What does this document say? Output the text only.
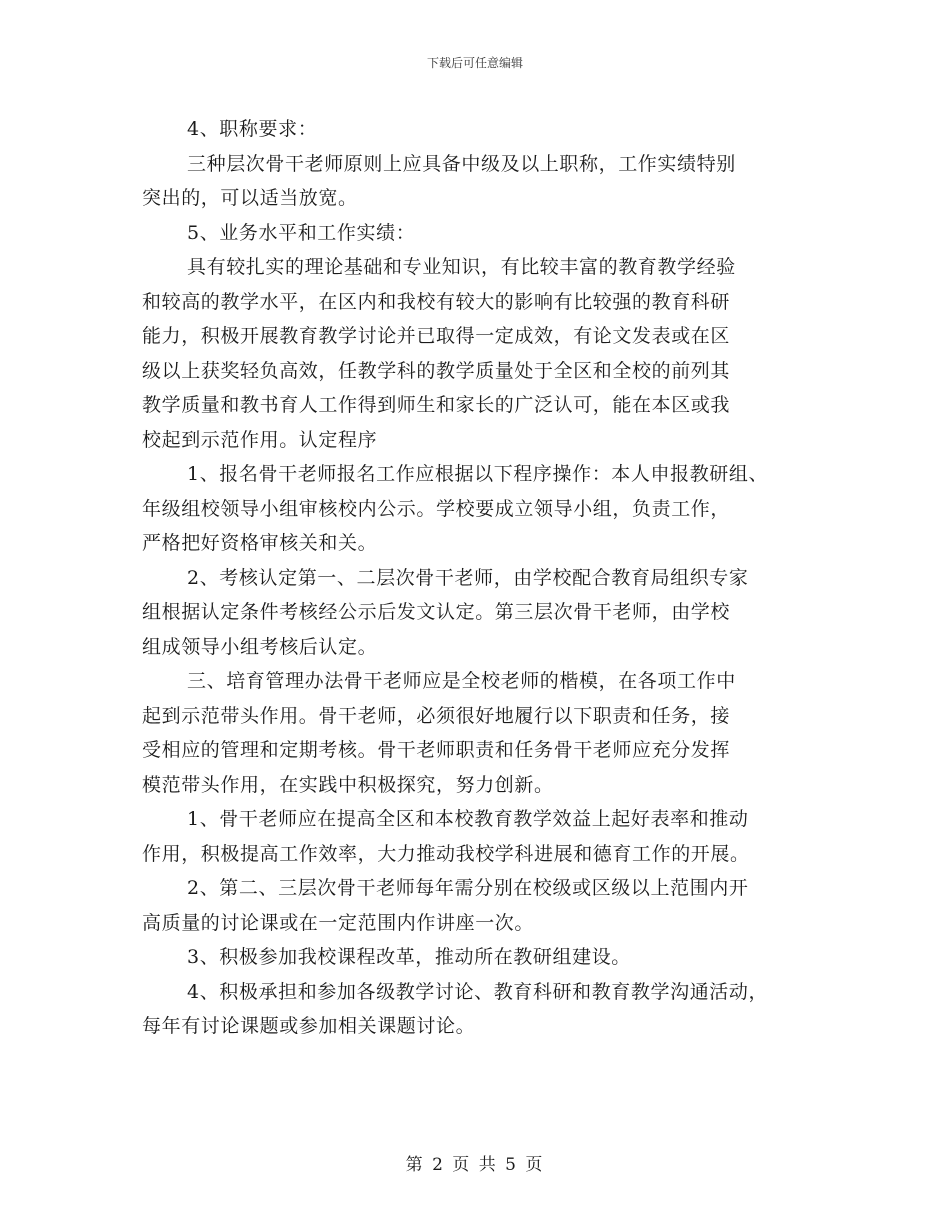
下载后可任意编辑
4、职称要求：
三种层次骨干老师原则上应具备中级及以上职称，工作实绩特别
突出的，可以适当放宽。
5、业务水平和工作实绩：
具有较扎实的理论基础和专业知识，有比较丰富的教育教学经验
和较高的教学水平，在区内和我校有较大的影响有比较强的教育科研
能力，积极开展教育教学讨论并已取得一定成效，有论文发表或在区
级以上获奖轻负高效，任教学科的教学质量处于全区和全校的前列其
教学质量和教书育人工作得到师生和家长的广泛认可，能在本区或我
校起到示范作用。认定程序
1、报名骨干老师报名工作应根据以下程序操作：本人申报教研组、
年级组校领导小组审核校内公示。学校要成立领导小组，负责工作，
严格把好资格审核关和关。
2、考核认定第一、二层次骨干老师，由学校配合教育局组织专家
组根据认定条件考核经公示后发文认定。第三层次骨干老师，由学校
组成领导小组考核后认定。
三、培育管理办法骨干老师应是全校老师的楷模，在各项工作中
起到示范带头作用。骨干老师，必须很好地履行以下职责和任务，接
受相应的管理和定期考核。骨干老师职责和任务骨干老师应充分发挥
模范带头作用，在实践中积极探究，努力创新。
1、骨干老师应在提高全区和本校教育教学效益上起好表率和推动
作用，积极提高工作效率，大力推动我校学科进展和德育工作的开展。
2、第二、三层次骨干老师每年需分别在校级或区级以上范围内开
高质量的讨论课或在一定范围内作讲座一次。
3、积极参加我校课程改革，推动所在教研组建设。
4、积极承担和参加各级教学讨论、教育科研和教育教学沟通活动，
每年有讨论课题或参加相关课题讨论。
第 2 页 共 5 页
